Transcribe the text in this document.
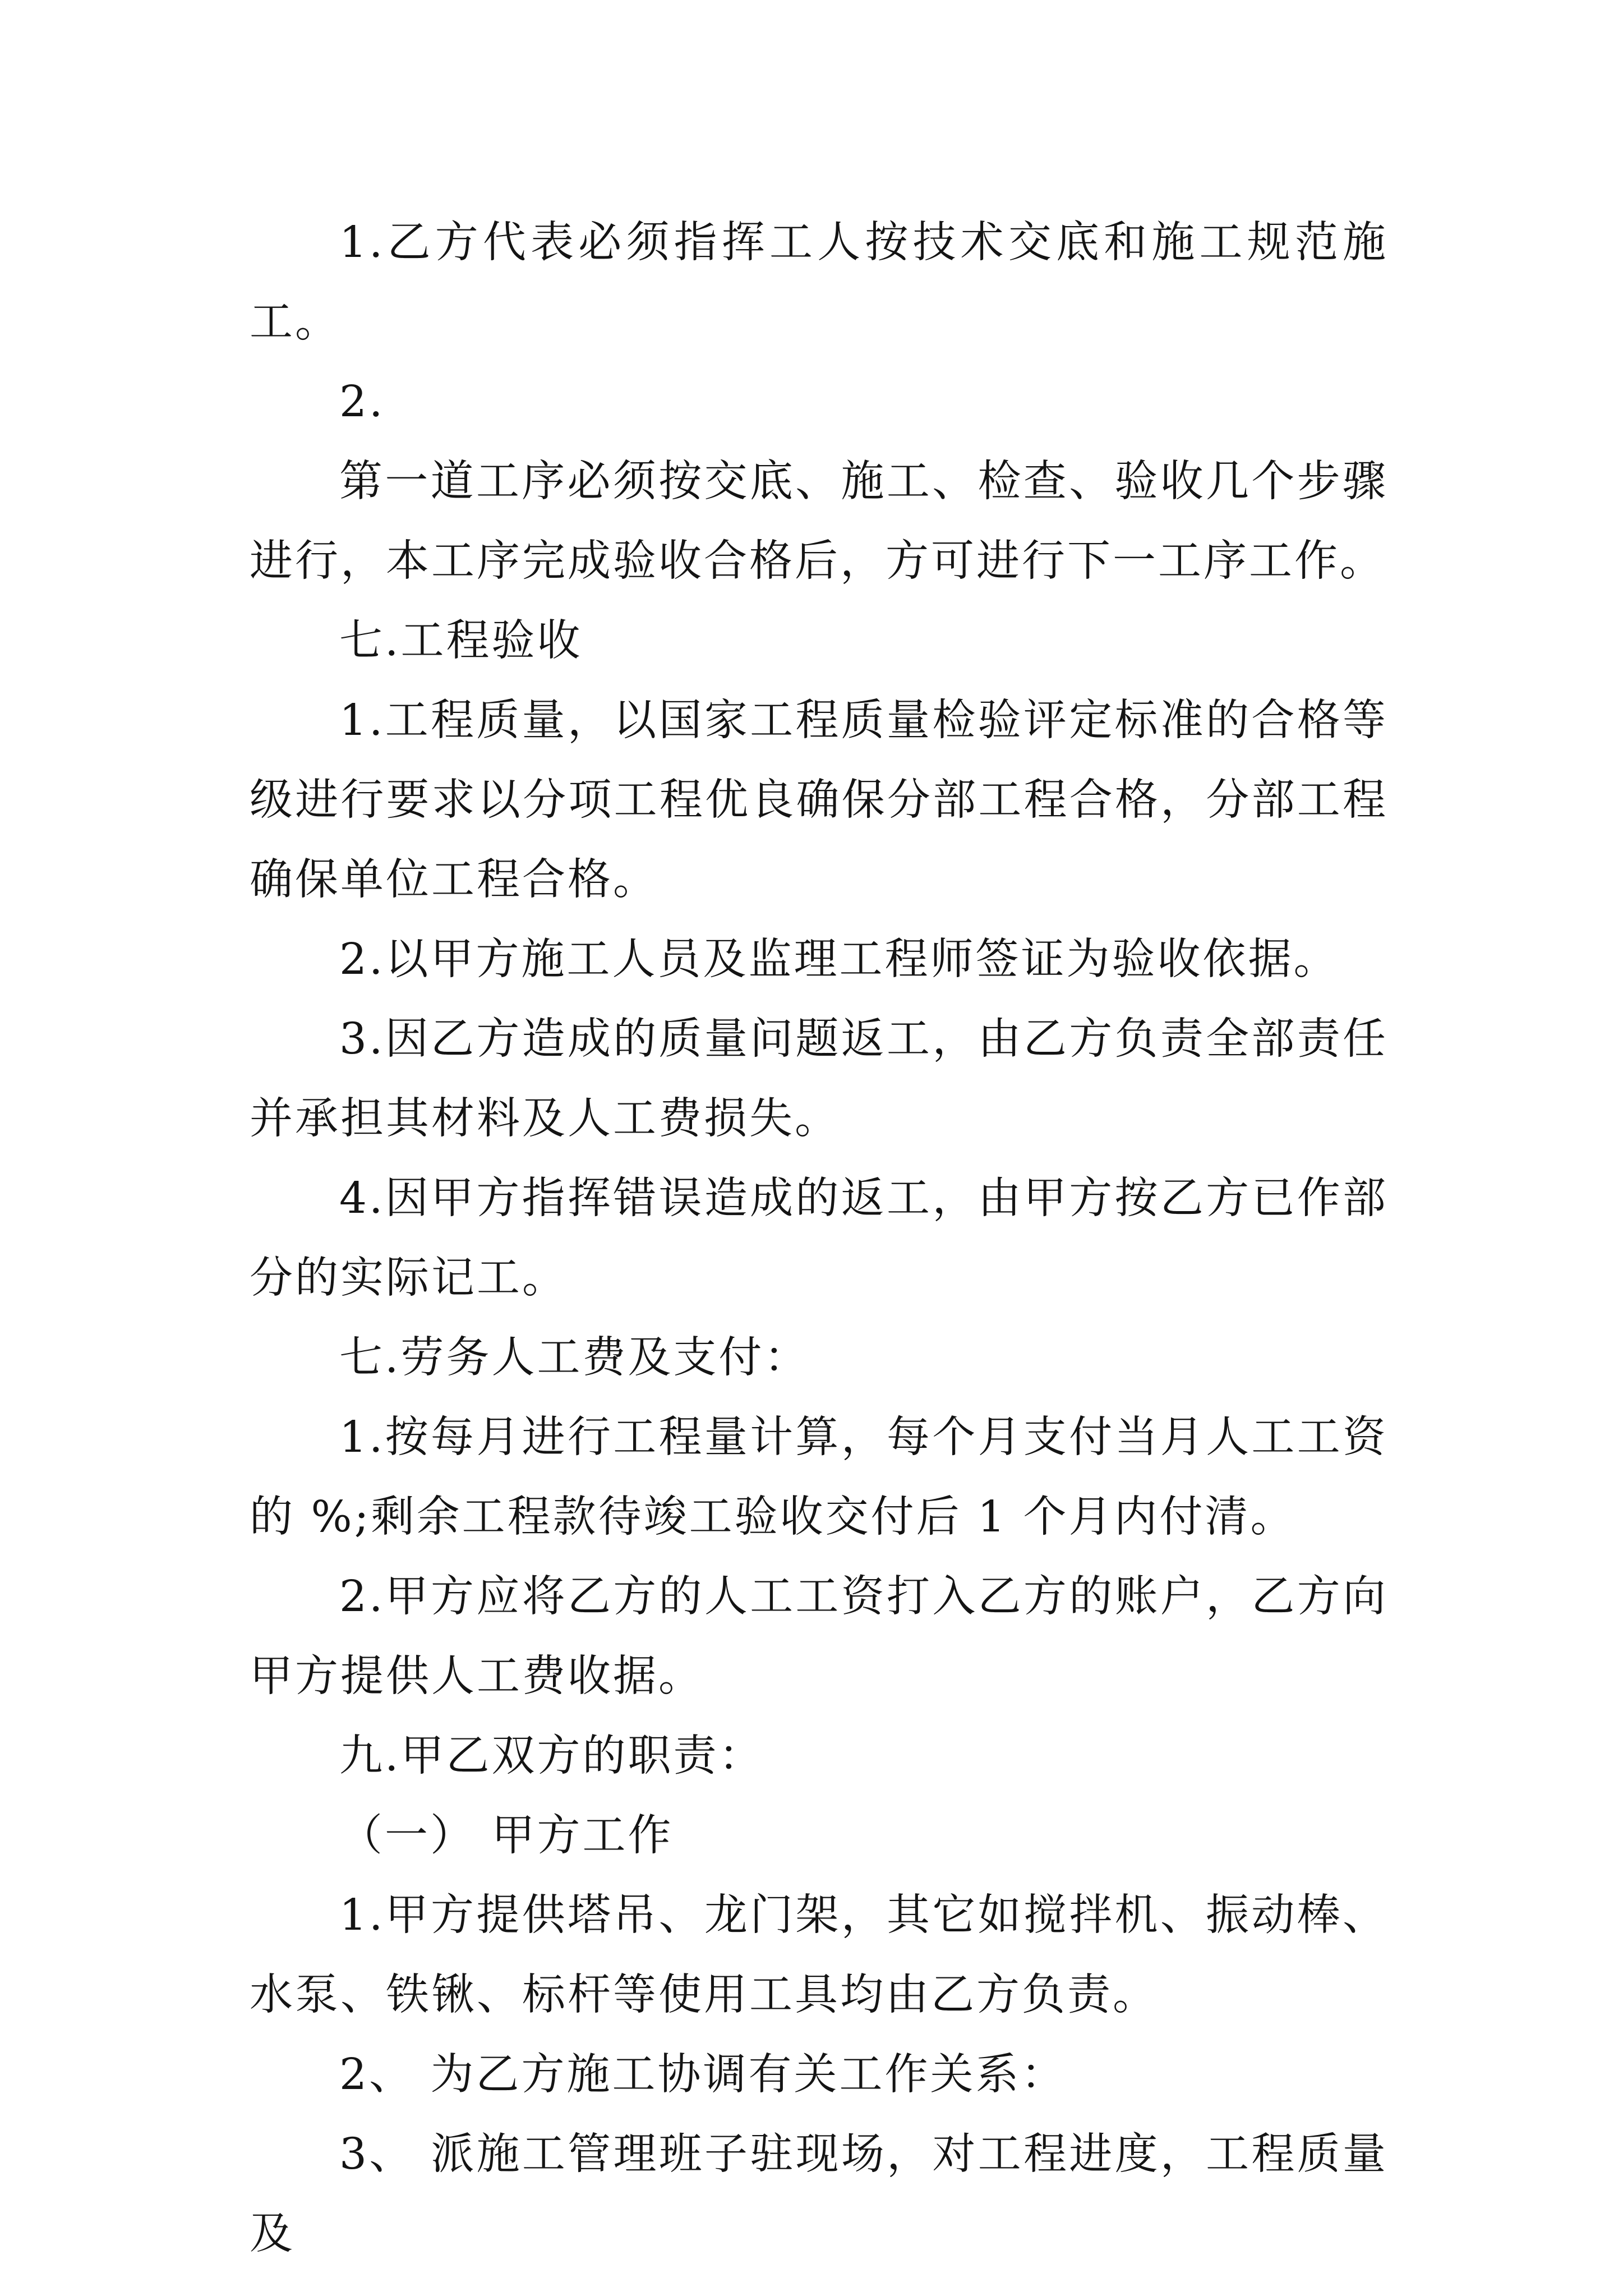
1.乙方代表必须指挥工人按技术交底和施工规范施工。

2.

第一道工序必须按交底、施工、检查、验收几个步骤进行，本工序完成验收合格后，方可进行下一工序工作。

七.工程验收

1.工程质量，以国家工程质量检验评定标准的合格等级进行要求以分项工程优良确保分部工程合格，分部工程确保单位工程合格。

2.以甲方施工人员及监理工程师签证为验收依据。

3.因乙方造成的质量问题返工，由乙方负责全部责任并承担其材料及人工费损失。

4.因甲方指挥错误造成的返工，由甲方按乙方已作部分的实际记工。

七.劳务人工费及支付：

1.按每月进行工程量计算，每个月支付当月人工工资的 %;剩余工程款待竣工验收交付后 1 个月内付清。

2.甲方应将乙方的人工工资打入乙方的账户，乙方向甲方提供人工费收据。

九.甲乙双方的职责：

（一） 甲方工作

1.甲方提供塔吊、龙门架，其它如搅拌机、振动棒、水泵、铁锹、标杆等使用工具均由乙方负责。

2、 为乙方施工协调有关工作关系：

3、 派施工管理班子驻现场，对工程进度，工程质量及
